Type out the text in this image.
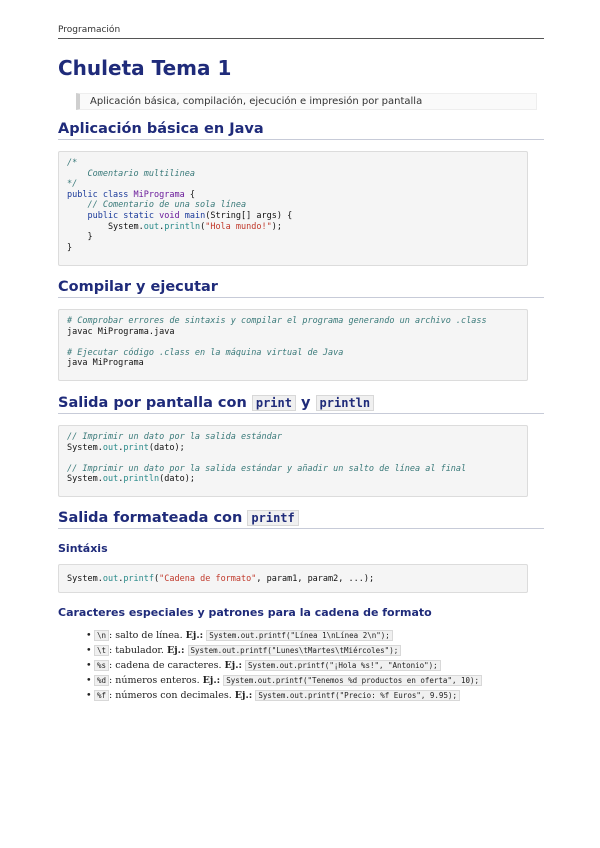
Programación
Chuleta Tema 1
Aplicación básica, compilación, ejecución e impresión por pantalla
Aplicación básica en Java
/*
Comentario multilinea
*/
public class MiPrograma {
// Comentario de una sola línea
public static void main(String[] args) {
System.out.println("Hola mundo!");
}
}
Compilar y ejecutar
# Comprobar errores de sintaxis y compilar el programa generando un archivo .class
javac MiPrograma.java

# Ejecutar código .class en la máquina virtual de Java
java MiPrograma
Salida por pantalla con print y println
// Imprimir un dato por la salida estándar
System.out.print(dato);

// Imprimir un dato por la salida estándar y añadir un salto de línea al final
System.out.println(dato);
Salida formateada con printf
Sintáxis
System.out.printf("Cadena de formato", param1, param2, ...);
Caracteres especiales y patrones para la cadena de formato
• \n : salto de línea. Ej.: System.out.printf("Línea 1\nLínea 2\n");
• \t : tabulador. Ej.: System.out.printf("Lunes\tMartes\tMiércoles");
• %s : cadena de caracteres. Ej.: System.out.printf("¡Hola %s!", "Antonio");
• %d : números enteros. Ej.: System.out.printf("Tenemos %d productos en oferta", 10);
• %f : números con decimales. Ej.: System.out.printf("Precio: %f Euros", 9.95);
